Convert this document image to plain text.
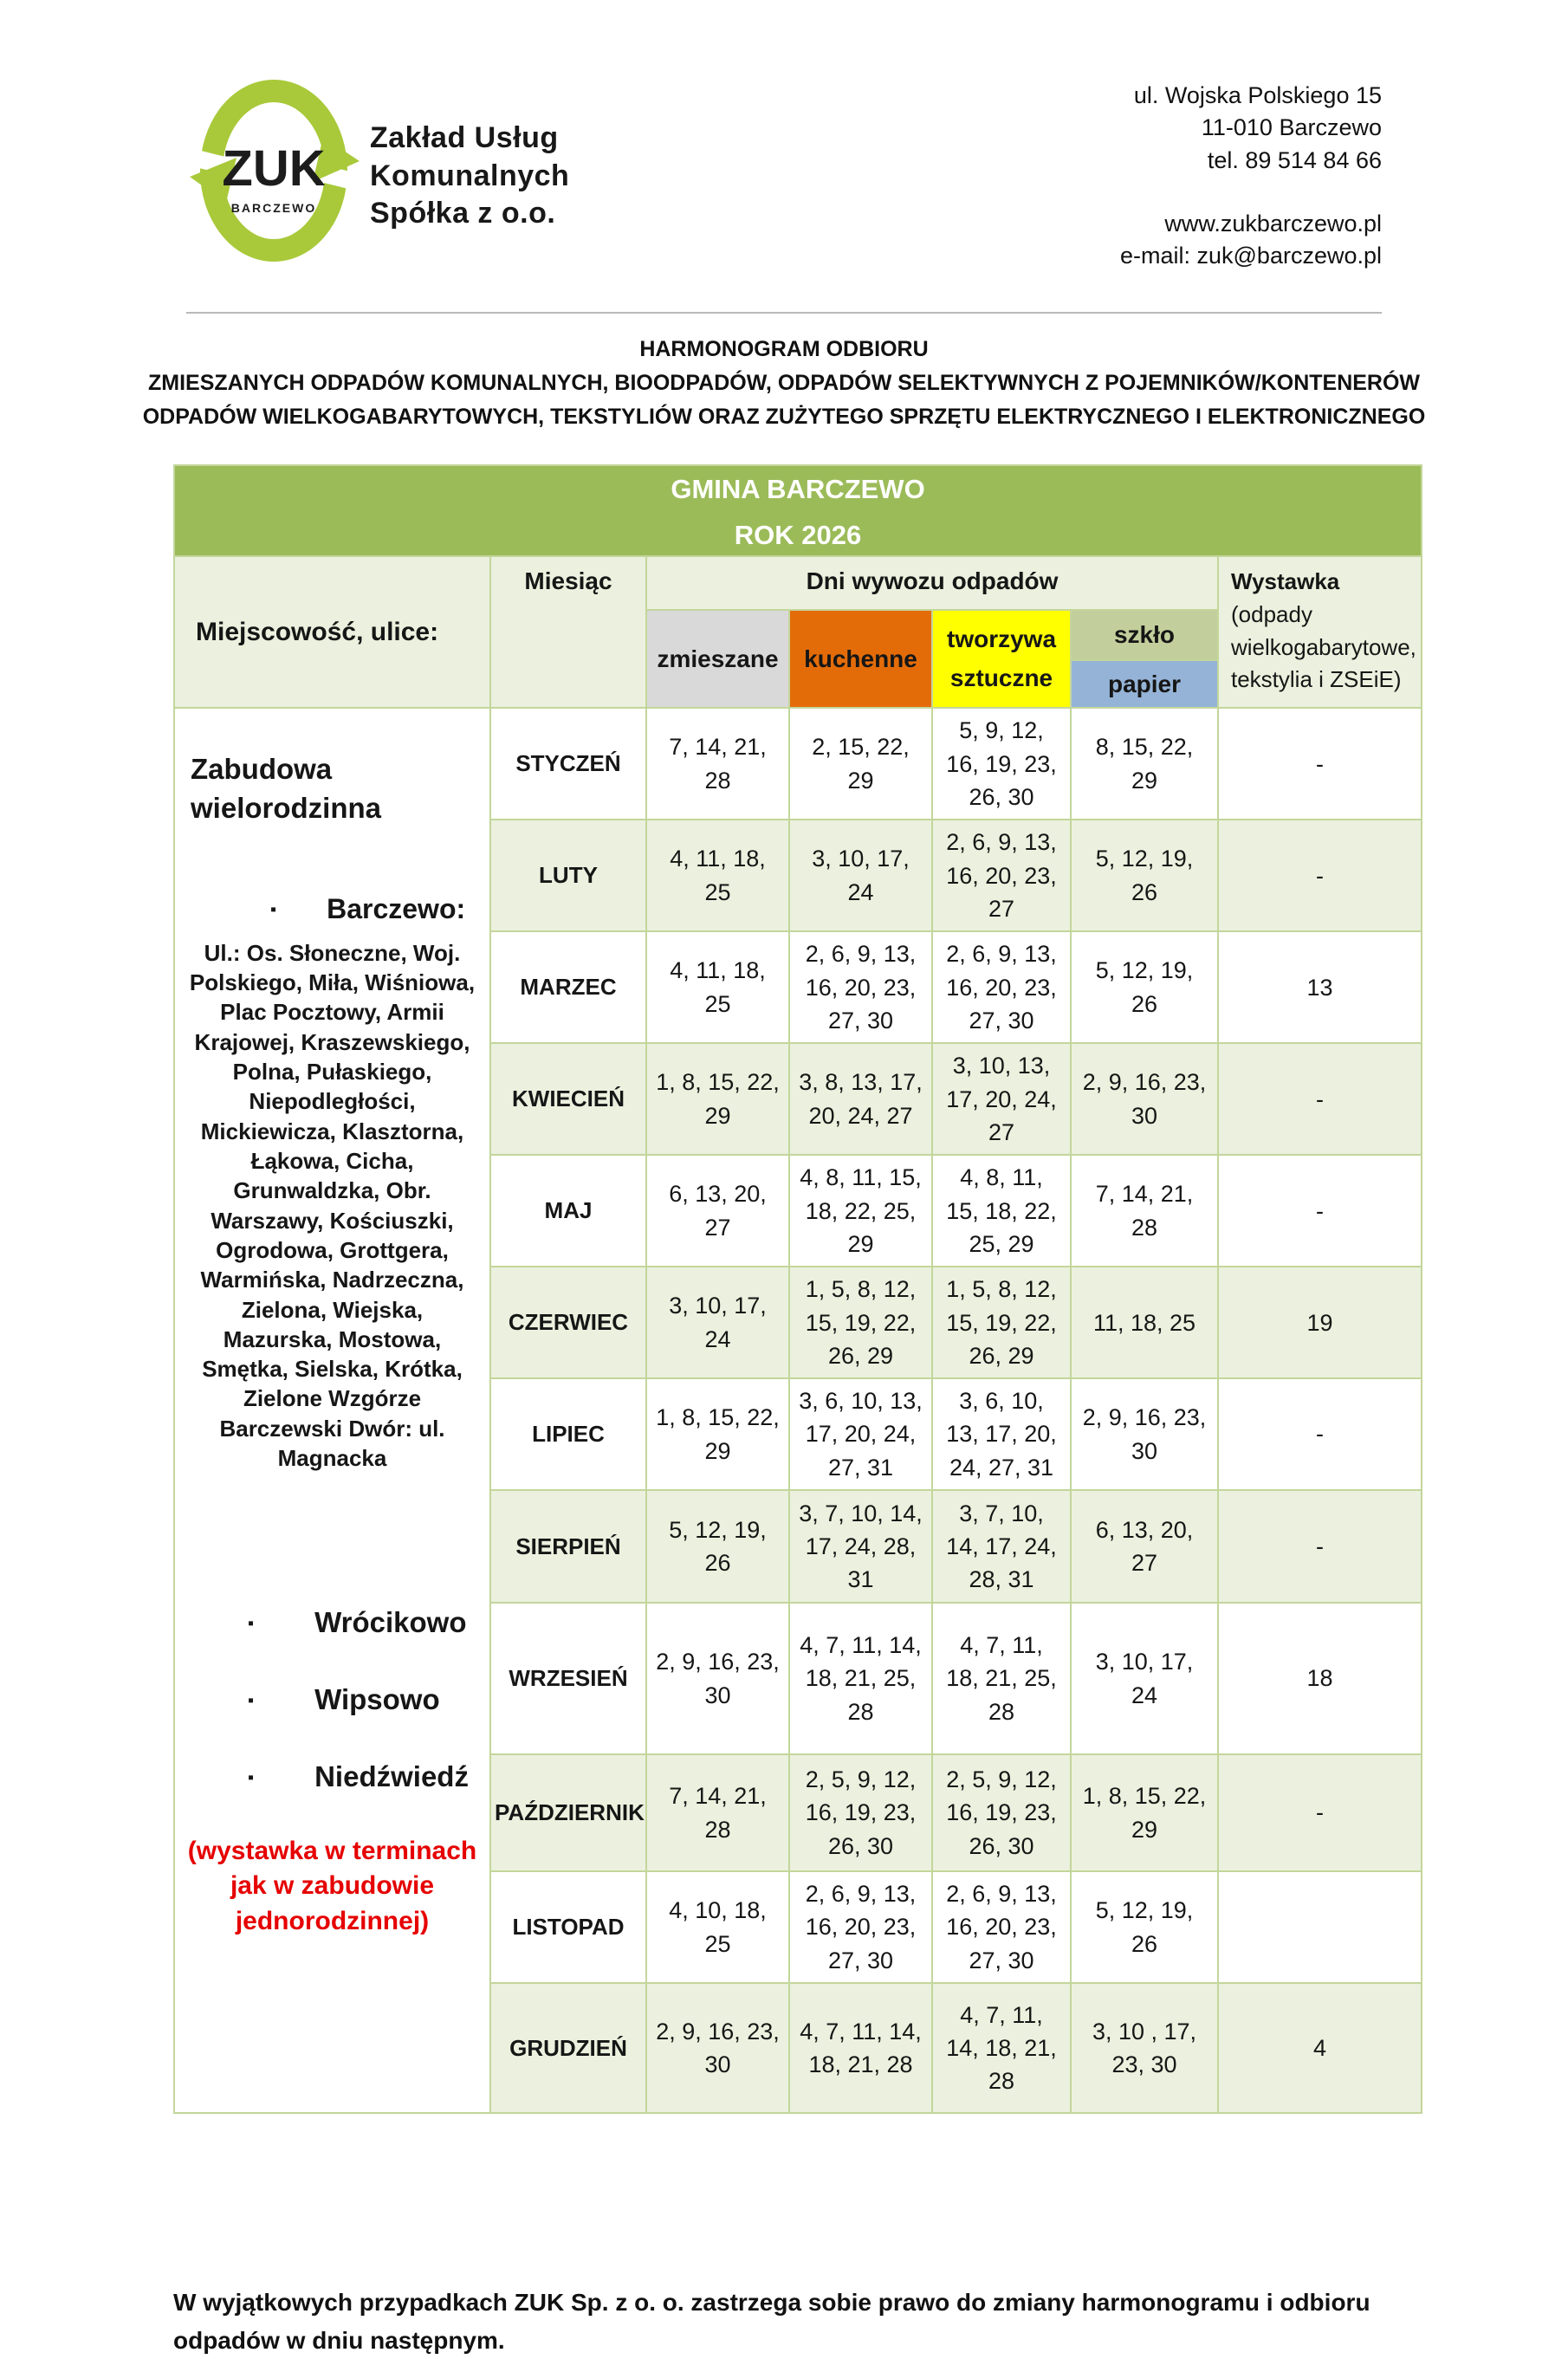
ZUK
BARCZEWO
Zakład Usług
Komunalnych
Spółka z o.o.
ul. Wojska Polskiego 15
11-010 Barczewo
tel. 89 514 84 66
www.zukbarczewo.pl
e-mail: zuk@barczewo.pl
HARMONOGRAM ODBIORU
ZMIESZANYCH ODPADÓW KOMUNALNYCH, BIOODPADÓW, ODPADÓW SELEKTYWNYCH Z POJEMNIKÓW/KONTENERÓW
ODPADÓW WIELKOGABARYTOWYCH, TEKSTYLIÓW ORAZ ZUŻYTEGO SPRZĘTU ELEKTRYCZNEGO I ELEKTRONICZNEGO
GMINA BARCZEWO
ROK 2026						

Miejscowość, ulice:	Miesiąc	Dni wywozu odpadów				Wystawka
(odpady wielkogabarytowe, tekstylia i ZSEiE)

		zmieszane	kuchenne	tworzywa sztuczne	szkło	
					papier	

Zabudowa wielorodzinna
▪ Barczewo:
Ul.: Os. Słoneczne, Woj. Polskiego, Miła, Wiśniowa, Plac Pocztowy, Armii Krajowej, Kraszewskiego, Polna, Pułaskiego, Niepodległości, Mickiewicza, Klasztorna, Łąkowa, Cicha, Grunwaldzka, Obr. Warszawy, Kościuszki, Ogrodowa, Grottgera, Warmińska, Nadrzeczna, Zielona, Wiejska, Mazurska, Mostowa, Smętka, Sielska, Krótka,
Zielone Wzgórze
Barczewski Dwór: ul. Magnacka
▪ Wrócikowo
▪ Wipsowo
▪ Niedźwiedź
(wystawka w terminach jak w zabudowie jednorodzinnej)
	STYCZEŃ	7, 14, 21, 28	2, 15, 22, 29	5, 9, 12, 16, 19, 23, 26, 30	8, 15, 22, 29	-
	LUTY	4, 11, 18, 25	3, 10, 17, 24	2, 6, 9, 13, 16, 20, 23, 27	5, 12, 19, 26	-
	MARZEC	4, 11, 18, 25	2, 6, 9, 13, 16, 20, 23, 27, 30	2, 6, 9, 13, 16, 20, 23, 27, 30	5, 12, 19, 26	13
	KWIECIEŃ	1, 8, 15, 22, 29	3, 8, 13, 17, 20, 24, 27	3, 10, 13, 17, 20, 24, 27	2, 9, 16, 23, 30	-
	MAJ	6, 13, 20, 27	4, 8, 11, 15, 18, 22, 25, 29	4, 8, 11, 15, 18, 22, 25, 29	7, 14, 21, 28	-
	CZERWIEC	3, 10, 17, 24	1, 5, 8, 12, 15, 19, 22, 26, 29	1, 5, 8, 12, 15, 19, 22, 26, 29	11, 18, 25	19
	LIPIEC	1, 8, 15, 22, 29	3, 6, 10, 13, 17, 20, 24, 27, 31	3, 6, 10, 13, 17, 20, 24, 27, 31	2, 9, 16, 23, 30	-
	SIERPIEŃ	5, 12, 19, 26	3, 7, 10, 14, 17, 24, 28, 31	3, 7, 10, 14, 17, 24, 28, 31	6, 13, 20, 27	-
	WRZESIEŃ	2, 9, 16, 23, 30	4, 7, 11, 14, 18, 21, 25, 28	4, 7, 11, 18, 21, 25, 28	3, 10, 17, 24	18
	PAŹDZIERNIK	7, 14, 21, 28	2, 5, 9, 12, 16, 19, 23, 26, 30	2, 5, 9, 12, 16, 19, 23, 26, 30	1, 8, 15, 22, 29	-
	LISTOPAD	4, 10, 18, 25	2, 6, 9, 13, 16, 20, 23, 27, 30	2, 6, 9, 13, 16, 20, 23, 27, 30	5, 12, 19, 26	
	GRUDZIEŃ	2, 9, 16, 23, 30	4, 7, 11, 14, 18, 21, 28	4, 7, 11, 14, 18, 21, 28	3, 10 , 17, 23, 30	4
W wyjątkowych przypadkach ZUK Sp. z o. o. zastrzega sobie prawo do zmiany harmonogramu i odbioru odpadów w dniu następnym.
